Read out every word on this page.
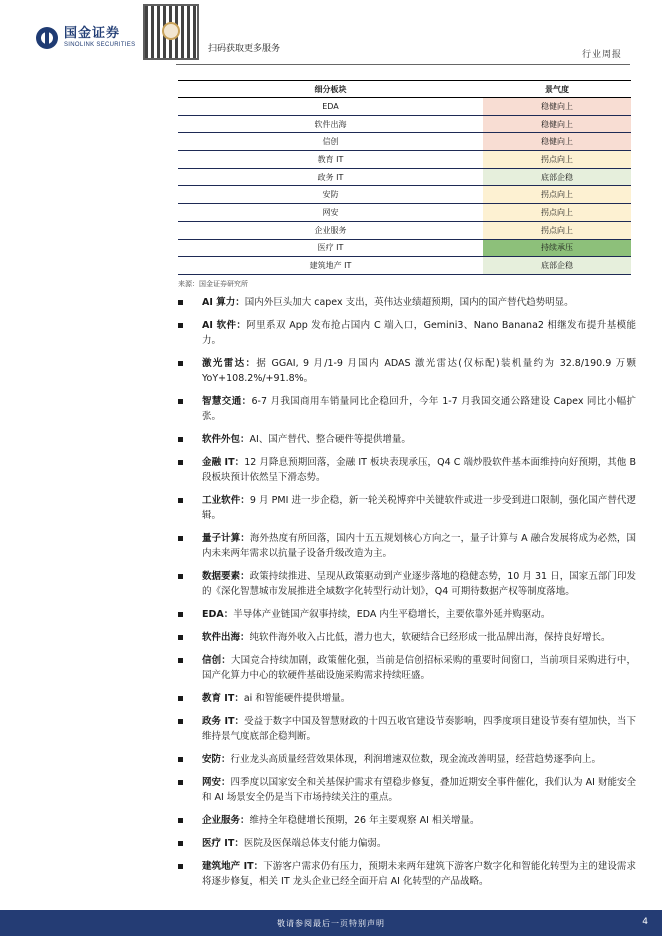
国金证券
SINOLINK SECURITIES	扫码获取更多服务
行业周报
细分板块	景气度
EDA	稳健向上
软件出海	稳健向上
信创	稳健向上
教育 IT	拐点向上
政务 IT	底部企稳
安防	拐点向上
网安	拐点向上
企业服务	拐点向上
医疗 IT	持续承压
建筑地产 IT	底部企稳
来源：国金证券研究所
AI 算力：国内外巨头加大 capex 支出，英伟达业绩超预期，国内的国产替代趋势明显。
AI 软件：阿里系双 App 发布抢占国内 C 端入口，Gemini3、Nano Banana2 相继发布提升基模能力。
激光雷达：据 GGAI, 9 月/1-9 月国内 ADAS 激光雷达(仅标配)装机量约为 32.8/190.9 万颗 YoY+108.2%/+91.8%。
智慧交通：6-7 月我国商用车销量同比企稳回升，今年 1-7 月我国交通公路建设 Capex 同比小幅扩张。
软件外包：AI、国产替代、整合硬件等提供增量。
金融 IT：12 月降息预期回落，金融 IT 板块表现承压，Q4 C 端炒股软件基本面维持向好预期，其他 B 段板块预计依然呈下滑态势。
工业软件：9 月 PMI 进一步企稳，新一轮关税博弈中关键软件或进一步受到进口限制，强化国产替代逻辑。
量子计算：海外热度有所回落，国内十五五规划核心方向之一，量子计算与 A 融合发展将成为必然，国内未来两年需求以抗量子设备升级改造为主。
数据要素：政策持续推进、呈现从政策驱动到产业逐步落地的稳健态势，10 月 31 日，国家五部门印发的《深化智慧城市发展推进全域数字化转型行动计划》，Q4 可期待数据产权等制度落地。
EDA：半导体产业链国产叙事持续，EDA 内生平稳增长，主要依靠外延并购驱动。
软件出海：纯软件海外收入占比低，潜力也大，软硬结合已经形成一批品牌出海，保持良好增长。
信创：大国竞合持续加剧，政策催化强，当前是信创招标采购的重要时间窗口，当前项目采购进行中，国产化算力中心的软硬件基础设施采购需求持续旺盛。
教育 IT：ai 和智能硬件提供增量。
政务 IT：受益于数字中国及智慧财政的十四五收官建设节奏影响，四季度项目建设节奏有望加快，当下维持景气度底部企稳判断。
安防：行业龙头高质量经营效果体现，利润增速双位数，现金流改善明显，经营趋势逐季向上。
网安：四季度以国家安全和关基保护需求有望稳步修复，叠加近期安全事件催化，我们认为 AI 财能安全和 AI 场景安全仍是当下市场持续关注的重点。
企业服务：维持全年稳健增长预期，26 年主要观察 AI 相关增量。
医疗 IT：医院及医保端总体支付能力偏弱。
建筑地产 IT：下游客户需求仍有压力，预期未来两年建筑下游客户数字化和智能化转型为主的建设需求将逐步修复，相关 IT 龙头企业已经全面开启 AI 化转型的产品战略。
敬请参阅最后一页特别声明	4
